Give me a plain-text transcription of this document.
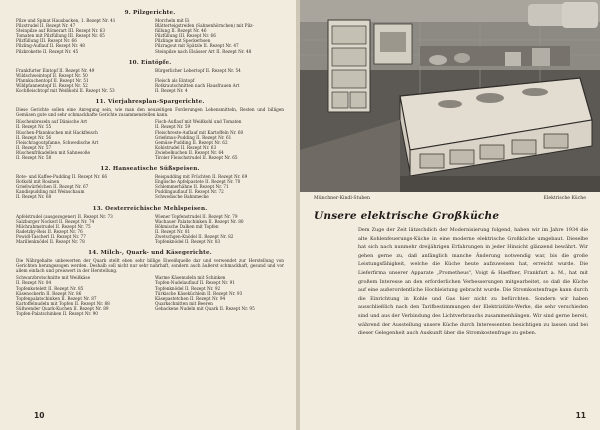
9. Pilzgerichte.
Pilze und Spinat Hausbacken, 1. Rezept Nr. 41
Pilzstrudel II. Rezept Nr. 47
Steinpilze auf Römerart III. Rezept Nr. 63
Tomaten mit Pilzfüllung III. Rezept Nr. 65
Pilzfüllung III. Rezept Nr. 66
Pilzling-Auflauf II. Rezept Nr. 48
Pilzkrokette II. Rezept Nr. 45
Morcheln mit Ei
Blätterteigstreifen (Sahnenhörnchen) mit Pilz-
füllung II. Rezept Nr. 46
Pilzfüllung III. Rezept Nr. 66
Pilzlinge mit Speckerbsen
Pilzragout mit Spätzle II. Rezept Nr. 47
Steinpilze nach Elsässer Art II. Rezept Nr. 48
10. Eintöpfe.
Frankfurter Eintopf II. Rezept Nr. 49
Wildschweintopf II. Rezept Nr. 50
Pfannkuchentopf II. Rezept Nr. 51
Wildpfannentopf II. Rezept Nr. 52
Kochfleischtopf mit Weißkohl II. Rezept Nr. 53
Bürgerlicher Lebertopf II. Rezept Nr. 54

Fleisch als Eintopf
Rotkrautschnitten nach Hausfrauen Art
II. Rezept Nr. 4
11. Vierjahresplan-Spargerichte.
Diese Gerichte sollen eine Anregung sein, wie man den neuzeitigen Forderungen Lebensmitteln, Resten und billigen Gemüsen gute und sehr schmackhafte Gerichte zusammenstellen kann.
Rüschenbrezeln auf Dänische Art
II. Rezept Nr. 55
Rüschen-Pfannkuchen mit Hackfleisch
II. Rezept Nr. 56
Fleischragoutpfanne, Schwedische Art
II. Rezept Nr. 57
Rüschenfrikadellen mit Sahnesoße
II. Rezept Nr. 58
Fisch-Auflauf mit Weißkohl und Tomaten
II. Rezept Nr. 59
Fleischreste-Auflauf mit Kartoffeln Nr. 60
Grießmus-Pudding II. Rezept Nr. 61
Gemüse-Pudding II. Rezept Nr. 62
Kohlstrudel II. Rezept Nr. 63
Zwiebelkuchen II. Rezept Nr. 64
Tiroler Fleischstrudel II. Rezept Nr. 65
12. Hanseatische Süßspeisen.
Rote- und Kaffee-Pudding II. Rezept Nr. 66
Rotkohl mit Rosinen
Grießwürfelchen II. Rezept Nr. 67
Kandispudding mit Weinschaum
II. Rezept Nr. 68
Reispudding mit Früchten II. Rezept Nr. 69
Englische Apfelpastete II. Rezept Nr. 70
Schlemmerhähne II. Rezept Nr. 71
Puddingauflauf II. Rezept Nr. 72
Schwedische Bahnmecke
13. Oesterreichische Mehlspeisen.
Apfelstrudel (ausgezogener) II. Rezept Nr. 73
Salzburger Nockerl II. Rezept Nr. 74
Milchrahmstrudel II. Rezept Nr. 75
Radetzky-Reis II. Rezept Nr. 76
Powidl-Tascherl II. Rezept Nr. 77
Marillenknödel II. Rezept Nr. 78
Wiener Topfenstrudel II. Rezept Nr. 79
Wachauer Palatschinken II. Rezept Nr. 80
Böhmische Dalken mit Topfen
II. Rezept Nr. 81
Zwetschgen-Knödel II. Rezept Nr. 82
Topfenknödel II. Rezept Nr. 83
14. Milch-, Quark- und Käsegerichte.
Die Nährgehalte unbewerten der Quark stellt eben sehr billige Eiweißquelle dar und verwendet zur Herstellung von Gerichten herangezogen werden. Deshalb soll nicht nur sehr nahrhaft, sondern auch äußerst schmackhaft, gesund und vor allem einfach und preiswert in der Herstellung.
Schwarzbrotschnitte mit Weißkäse
II. Rezept Nr. 84
Topfenkotelett II. Rezept Nr. 85
Käsenockerln II. Rezept Nr. 86
Topfenpalatschinken II. Rezept Nr. 87
Kartoffelnudeln mit Topfen II. Rezept Nr. 88
Süßwender Quark-Kuchen II. Rezept Nr. 89
Topfen-Palatschinken II. Rezept Nr. 90
Warme Käsenudeln mit Schinken
Topfen-Nudelauflauf II. Rezept Nr. 91
Topfenknödel II. Rezept Nr. 92
Türkische Käseküchlein II. Rezept Nr. 93
Käsepastetchen II. Rezept Nr. 94
Quarkschnitten mit Beeren
Gebackene Nudeln mit Quark II. Rezept Nr. 95
10
Münchner-Kindl-Stuben	Elektrische Küche
Unsere elektrische Großküche
Dem Zuge der Zeit lätzschdich der Modernisierung folgend, haben wir im Jahre 1934 die alte Kohlenfeuerungs-Küche in eine moderne elektrische Großküche umgebaut. Dieselbe hat sich nach nunmehr dreijährigen Erfahrungen in jeder Hinsicht glänzend bewährt. Wir gehen gerne zu, daß anfänglich manche Änderung notwendig war, bis die große Leistungsfähigkeit, welche die Küche heute aufzuweisen hat, erreicht wurde. Die Lieferfirma unserer Apparate „Prometheus", Voigt & Haeffner, Frankfurt a. M., hat mit großem Interesse an den erforderlichen Verbesserungen mitgearbeitet, so daß die Küche auf eine außerordentliche Hochleistung gebracht wurde. Die Stromkostenfrage kann durch die Einrichtung in Kohle und Gas hier nicht zu befürchten. Sondern wir haben ausschließlich nach den Tarifbestimmungen der Elektrizitäts-Werke, die sehr verschieden sind und aus der Verbindung des Lichtverbrauchs zusammenhängen. Wir sind gerne bereit, während der Ausstellung unsere Küche durch Interessenten besichtigen zu lassen und bei dieser Gelegenheit auch Auskunft über die Stromkostenfrage zu geben.
11
